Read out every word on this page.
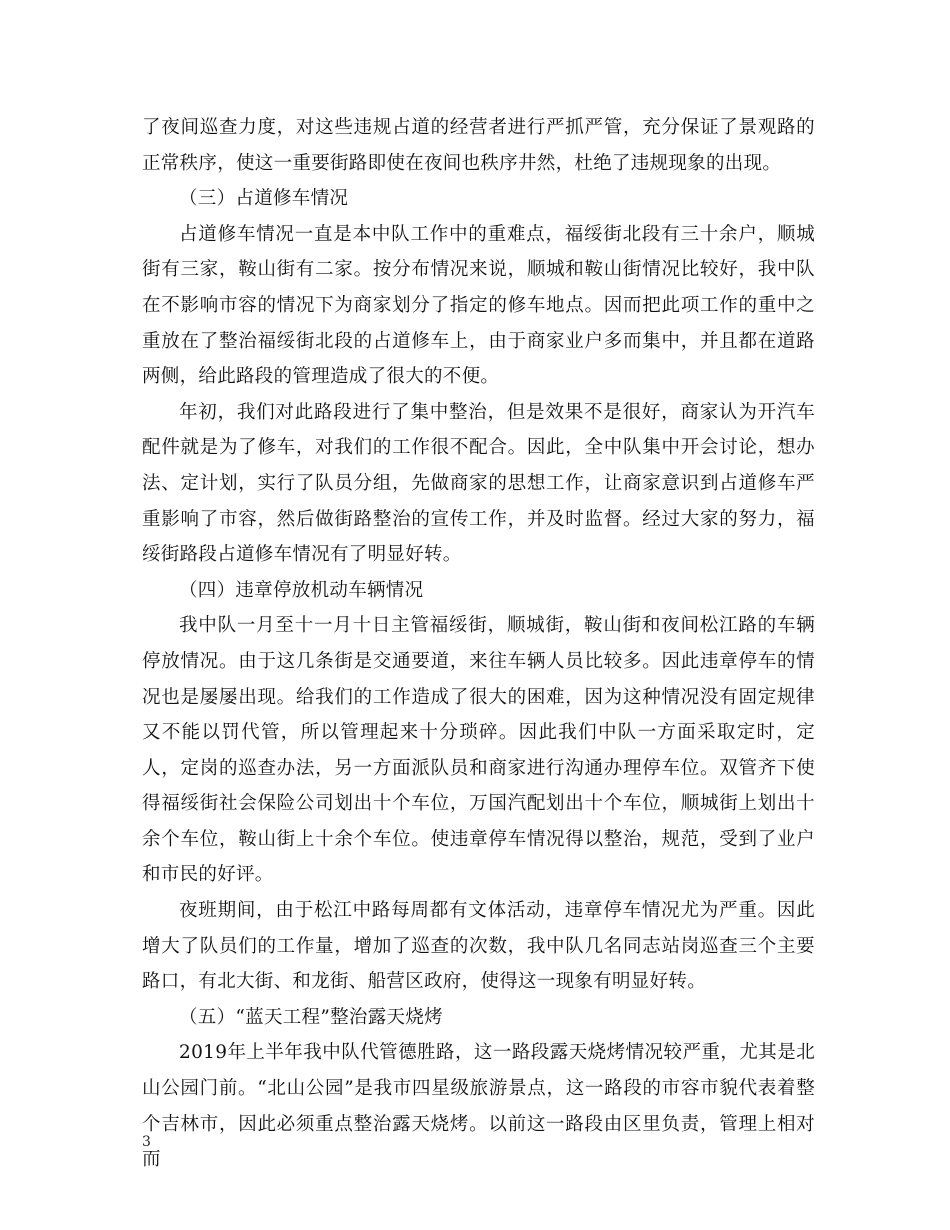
了夜间巡查力度，对这些违规占道的经营者进行严抓严管，充分保证了景观路的正常秩序，使这一重要街路即使在夜间也秩序井然，杜绝了违规现象的出现。

（三）占道修车情况

占道修车情况一直是本中队工作中的重难点，福绥街北段有三十余户，顺城街有三家，鞍山街有二家。按分布情况来说，顺城和鞍山街情况比较好，我中队在不影响市容的情况下为商家划分了指定的修车地点。因而把此项工作的重中之重放在了整治福绥街北段的占道修车上，由于商家业户多而集中，并且都在道路两侧，给此路段的管理造成了很大的不便。

年初，我们对此路段进行了集中整治，但是效果不是很好，商家认为开汽车配件就是为了修车，对我们的工作很不配合。因此，全中队集中开会讨论，想办法、定计划，实行了队员分组，先做商家的思想工作，让商家意识到占道修车严重影响了市容，然后做街路整治的宣传工作，并及时监督。经过大家的努力，福绥街路段占道修车情况有了明显好转。

（四）违章停放机动车辆情况

我中队一月至十一月十日主管福绥街，顺城街，鞍山街和夜间松江路的车辆停放情况。由于这几条街是交通要道，来往车辆人员比较多。因此违章停车的情况也是屡屡出现。给我们的工作造成了很大的困难，因为这种情况没有固定规律又不能以罚代管，所以管理起来十分琐碎。因此我们中队一方面采取定时，定人，定岗的巡查办法，另一方面派队员和商家进行沟通办理停车位。双管齐下使得福绥街社会保险公司划出十个车位，万国汽配划出十个车位，顺城街上划出十余个车位，鞍山街上十余个车位。使违章停车情况得以整治，规范，受到了业户和市民的好评。

夜班期间，由于松江中路每周都有文体活动，违章停车情况尤为严重。因此增大了队员们的工作量，增加了巡查的次数，我中队几名同志站岗巡查三个主要路口，有北大街、和龙街、船营区政府，使得这一现象有明显好转。

（五）“蓝天工程”整治露天烧烤

2019年上半年我中队代管德胜路，这一路段露天烧烤情况较严重，尤其是北山公园门前。“北山公园”是我市四星级旅游景点，这一路段的市容市貌代表着整个吉林市，因此必须重点整治露天烧烤。以前这一路段由区里负责，管理上相对而

3
